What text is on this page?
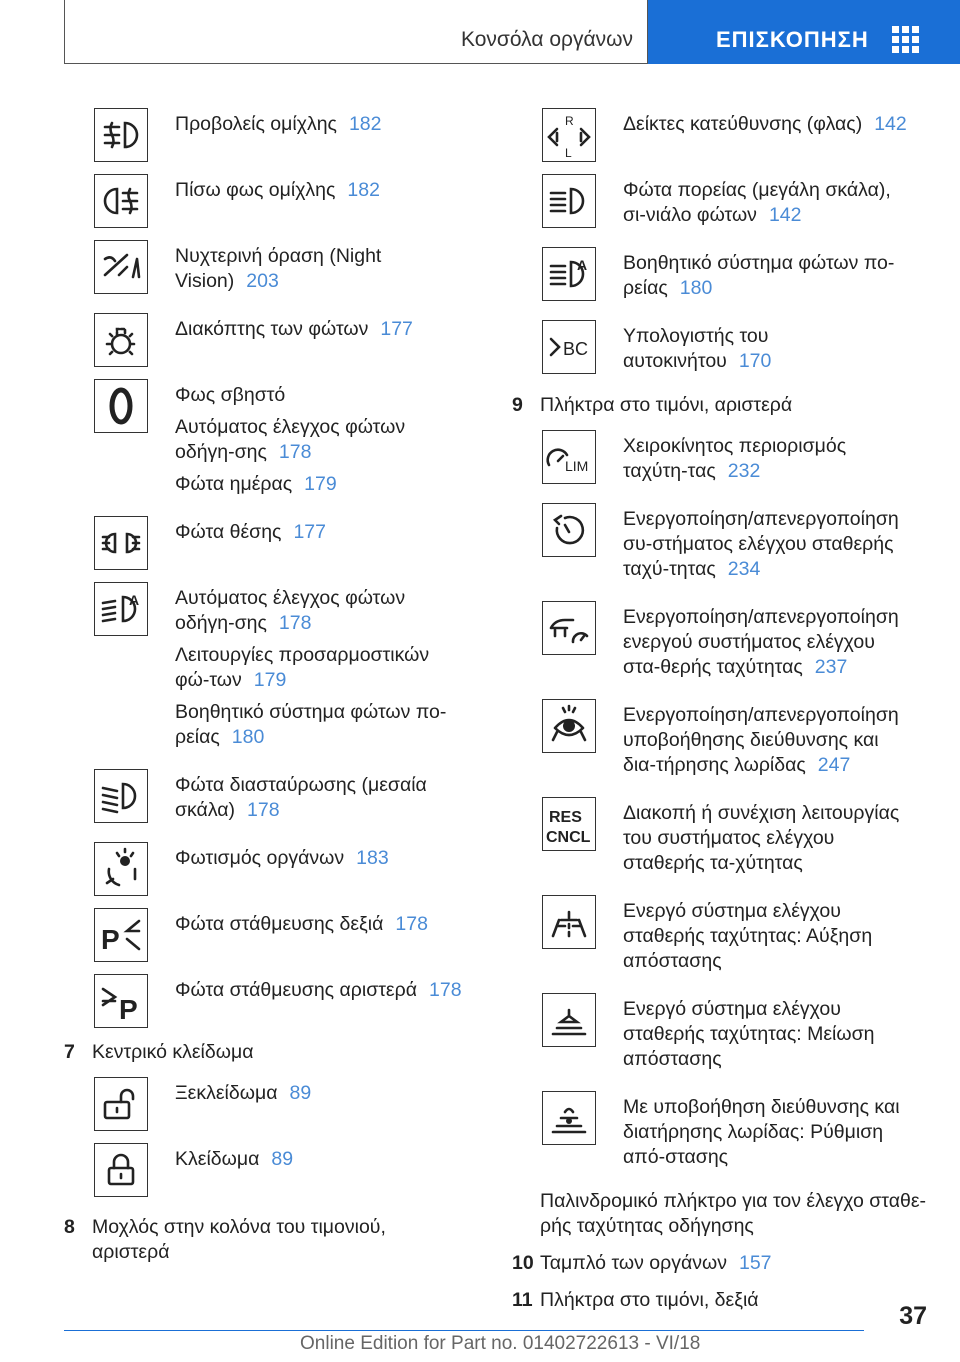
Κονσόλα οργάνων	ΕΠΙΣΚΟΠΗΣΗ

Προβολείς ομίχλης 182

Πίσω φως ομίχλης 182

Νυχτερινή όραση (Night Vision) 203

Διακόπτης των φώτων 177

Φως σβηστό

Αυτόματος έλεγχος φώτων οδήγη-σης 178

Φώτα ημέρας 179

Φώτα θέσης 177

A Αυτόματος έλεγχος φώτων οδήγη-σης 178

Λειτουργίες προσαρμοστικών φώ-των 179

Βοηθητικό σύστημα φώτων πο-ρείας 180

Φώτα διασταύρωσης (μεσαία σκάλα) 178

Φωτισμός οργάνων 183

P	Φώτα στάθμευσης δεξιά 178

P

Φώτα στάθμευσης αριστερά 178

7 Κεντρικό κλείδωμα

Ξεκλείδωμα 89

Κλείδωμα 89

8 Μοχλός στην κολόνα του τιμονιού, αριστερά
R
L

Δείκτες κατεύθυνσης (φλας) 142

Φώτα πορείας (μεγάλη σκάλα), σι-νιάλο φώτων 142

A Βοηθητικό σύστημα φώτων πο-ρείας 180

BC

Υπολογιστής του αυτοκινήτου 170

9 Πλήκτρα στο τιμόνι, αριστερά
LIM

Χειροκίνητος περιορισμός ταχύτη-τας 232

Ενεργοποίηση/απενεργοποίηση συ-στήματος ελέγχου σταθερής ταχύ-τητας 234

Ενεργοποίηση/απενεργοποίηση ενεργού συστήματος ελέγχου στα-θερής ταχύτητας 237

Ενεργοποίηση/απενεργοποίηση υποβοήθησης διεύθυνσης και δια-τήρησης λωρίδας 247

RES
CNCL

Διακοπή ή συνέχιση λειτουργίας του συστήματος ελέγχου σταθερής τα-χύτητας

Ενεργό σύστημα ελέγχου σταθερής ταχύτητας: Αύξηση απόστασης

Ενεργό σύστημα ελέγχου σταθερής ταχύτητας: Μείωση απόστασης

Με υποβοήθηση διεύθυνσης και διατήρησης λωρίδας: Ρύθμιση από-στασης

Παλινδρομικό πλήκτρο για τον έλεγχο σταθε-ρής ταχύτητας οδήγησης
10 Ταμπλό των οργάνων 157
11 Πλήκτρα στο τιμόνι, δεξιά
37
Online Edition for Part no. 01402722613 - VI/18
